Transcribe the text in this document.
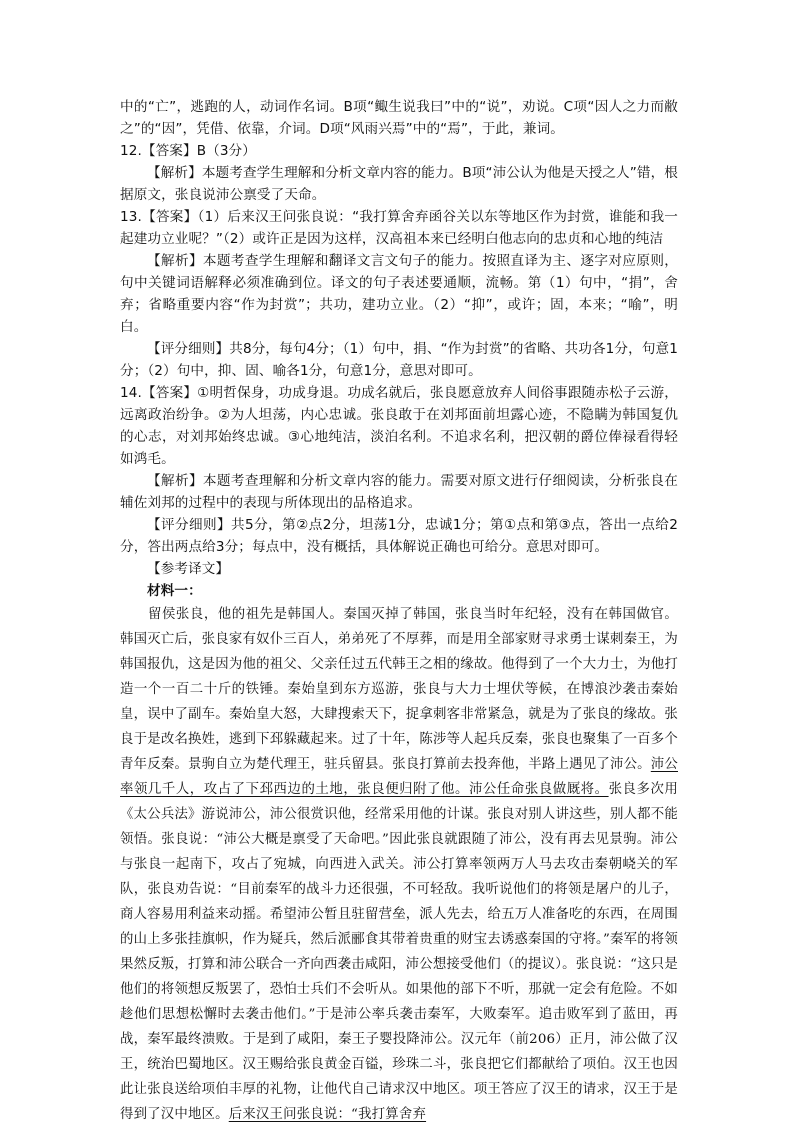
中的“亡”，逃跑的人，动词作名词。B项“鲰生说我曰”中的“说”，劝说。C项“因人之力而敝之”的“因”，凭借、依靠，介词。D项“风雨兴焉”中的“焉”，于此，兼词。

12.【答案】B（3分）

【解析】本题考查学生理解和分析文章内容的能力。B项“沛公认为他是天授之人”错，根据原文，张良说沛公禀受了天命。

13.【答案】（1）后来汉王问张良说：“我打算舍弃函谷关以东等地区作为封赏，谁能和我一起建功立业呢？”（2）或许正是因为这样，汉高祖本来已经明白他志向的忠贞和心地的纯洁

【解析】本题考查学生理解和翻译文言文句子的能力。按照直译为主、逐字对应原则，句中关键词语解释必须准确到位。译文的句子表述要通顺，流畅。第（1）句中，“捐”，舍弃；省略重要内容“作为封赏”；共功，建功立业。（2）“抑”，或许；固，本来；“喻”，明白。

【评分细则】共8分，每句4分；（1）句中，捐、“作为封赏”的省略、共功各1分，句意1分；（2）句中，抑、固、喻各1分，句意1分，意思对即可。

14.【答案】①明哲保身，功成身退。功成名就后，张良愿意放弃人间俗事跟随赤松子云游，远离政治纷争。②为人坦荡，内心忠诚。张良敢于在刘邦面前坦露心迹，不隐瞒为韩国复仇的心志，对刘邦始终忠诚。③心地纯洁，淡泊名利。不追求名利，把汉朝的爵位俸禄看得轻如鸿毛。

【解析】本题考查理解和分析文章内容的能力。需要对原文进行仔细阅读，分析张良在辅佐刘邦的过程中的表现与所体现出的品格追求。

【评分细则】共5分，第②点2分，坦荡1分，忠诚1分；第①点和第③点，答出一点给2分，答出两点给3分；每点中，没有概括，具体解说正确也可给分。意思对即可。

【参考译文】

材料一：

留侯张良，他的祖先是韩国人。秦国灭掉了韩国，张良当时年纪轻，没有在韩国做官。韩国灭亡后，张良家有奴仆三百人，弟弟死了不厚葬，而是用全部家财寻求勇士谋刺秦王，为韩国报仇，这是因为他的祖父、父亲任过五代韩王之相的缘故。他得到了一个大力士，为他打造一个一百二十斤的铁锤。秦始皇到东方巡游，张良与大力士埋伏等候，在博浪沙袭击秦始皇，误中了副车。秦始皇大怒，大肆搜索天下，捉拿刺客非常紧急，就是为了张良的缘故。张良于是改名换姓，逃到下邳躲藏起来。过了十年，陈涉等人起兵反秦，张良也聚集了一百多个青年反秦。景驹自立为楚代理王，驻兵留县。张良打算前去投奔他，半路上遇见了沛公。沛公率领几千人，攻占了下邳西边的土地，张良便归附了他。沛公任命张良做厩将。张良多次用《太公兵法》游说沛公，沛公很赏识他，经常采用他的计谋。张良对别人讲这些，别人都不能领悟。张良说：“沛公大概是禀受了天命吧。”因此张良就跟随了沛公，没有再去见景驹。沛公与张良一起南下，攻占了宛城，向西进入武关。沛公打算率领两万人马去攻击秦朝峣关的军队，张良劝告说：“目前秦军的战斗力还很强，不可轻敌。我听说他们的将领是屠户的儿子，商人容易用利益来动摇。希望沛公暂且驻留营垒，派人先去，给五万人准备吃的东西，在周围的山上多张挂旗帜，作为疑兵，然后派郦食其带着贵重的财宝去诱惑秦国的守将。”秦军的将领果然反叛，打算和沛公联合一齐向西袭击咸阳，沛公想接受他们（的提议）。张良说：“这只是他们的将领想反叛罢了，恐怕士兵们不会听从。如果他的部下不听，那就一定会有危险。不如趁他们思想松懈时去袭击他们。”于是沛公率兵袭击秦军，大败秦军。追击败军到了蓝田，再战，秦军最终溃败。于是到了咸阳，秦王子婴投降沛公。汉元年（前206）正月，沛公做了汉王，统治巴蜀地区。汉王赐给张良黄金百镒，珍珠二斗，张良把它们都献给了项伯。汉王也因此让张良送给项伯丰厚的礼物，让他代自己请求汉中地区。项王答应了汉王的请求，汉王于是得到了汉中地区。后来汉王问张良说：“我打算舍弃
